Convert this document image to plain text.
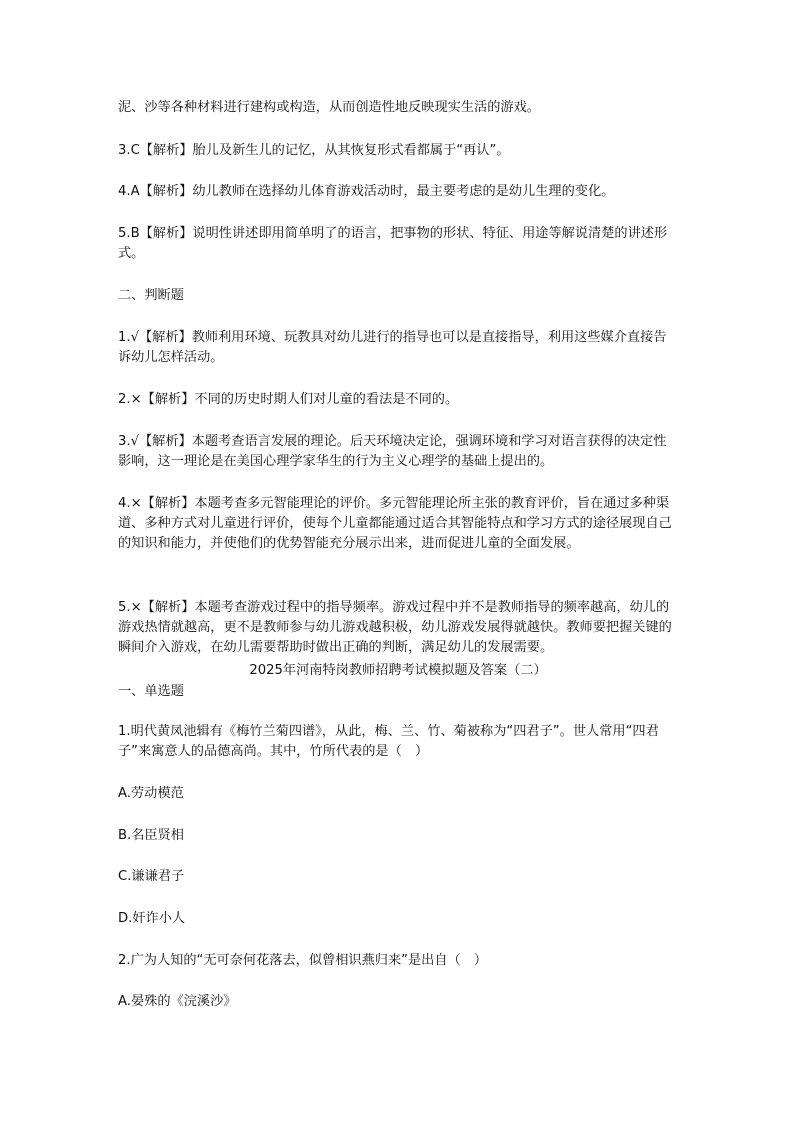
泥、沙等各种材料进行建构或构造，从而创造性地反映现实生活的游戏。

3.C【解析】胎儿及新生儿的记忆，从其恢复形式看都属于“再认”。

4.A【解析】幼儿教师在选择幼儿体育游戏活动时，最主要考虑的是幼儿生理的变化。

5.B【解析】说明性讲述即用简单明了的语言，把事物的形状、特征、用途等解说清楚的讲述形式。

二、判断题

1.√【解析】教师利用环境、玩教具对幼儿进行的指导也可以是直接指导，利用这些媒介直接告诉幼儿怎样活动。

2.×【解析】不同的历史时期人们对儿童的看法是不同的。

3.√【解析】本题考查语言发展的理论。后天环境决定论，强调环境和学习对语言获得的决定性影响，这一理论是在美国心理学家华生的行为主义心理学的基础上提出的。

4.×【解析】本题考查多元智能理论的评价。多元智能理论所主张的教育评价，旨在通过多种渠道、多种方式对儿童进行评价，使每个儿童都能通过适合其智能特点和学习方式的途径展现自己的知识和能力，并使他们的优势智能充分展示出来，进而促进儿童的全面发展。

5.×【解析】本题考查游戏过程中的指导频率。游戏过程中并不是教师指导的频率越高，幼儿的游戏热情就越高，更不是教师参与幼儿游戏越积极，幼儿游戏发展得就越快。教师要把握关键的瞬间介入游戏，在幼儿需要帮助时做出正确的判断，满足幼儿的发展需要。

2025年河南特岗教师招聘考试模拟题及答案（二）

一、单选题

1.明代黄凤池辑有《梅竹兰菊四谱》，从此，梅、兰、竹、菊被称为“四君子”。世人常用“四君子”来寓意人的品德高尚。其中，竹所代表的是（　）

A.劳动模范

B.名臣贤相

C.谦谦君子

D.奸诈小人

2.广为人知的“无可奈何花落去，似曾相识燕归来”是出自（　）

A.晏殊的《浣溪沙》
